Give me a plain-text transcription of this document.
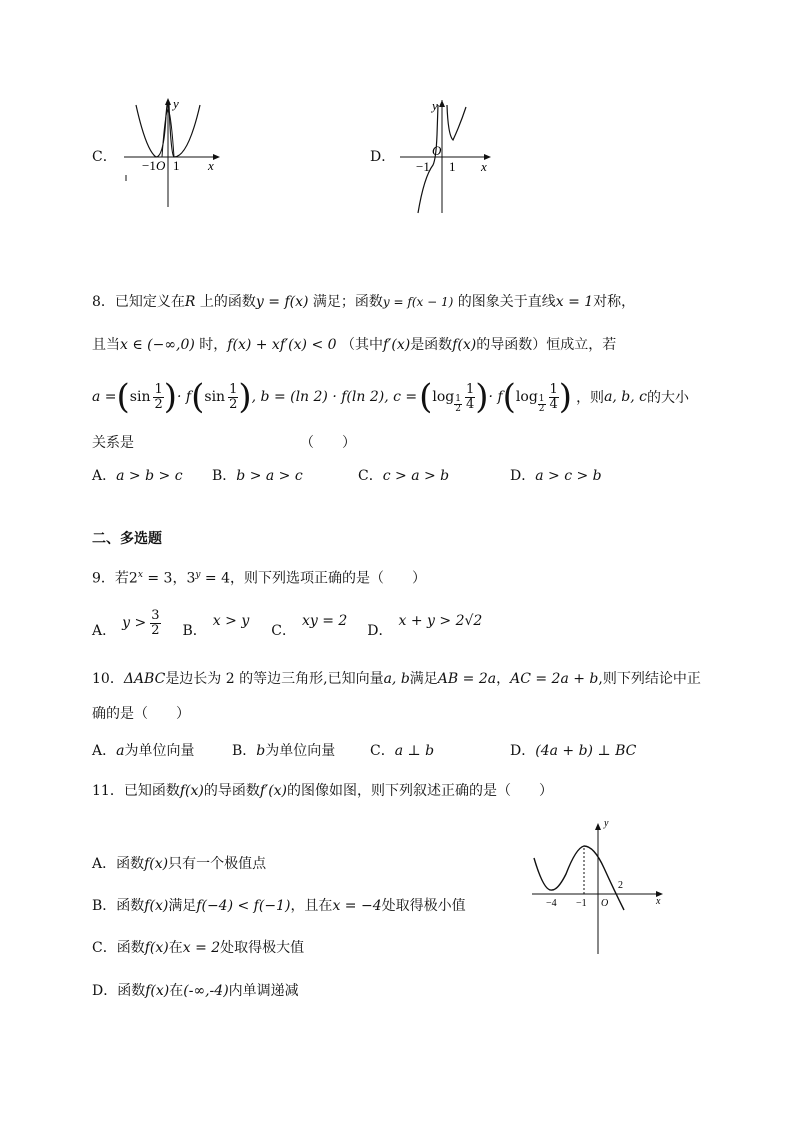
C．
y
x
−1 O 1
D．
y
x
−1
O
1
8．已知定义在R 上的函数y = f(x) 满足；函数y = f(x − 1) 的图象关于直线x = 1对称，
且当x ∈ (−∞,0) 时，f(x) + xf′(x) < 0 （其中f′(x)是函数f(x)的导函数）恒成立，若
a = ( $\sin \frac{1}{2}$ ) · f ( $\sin \frac{1}{2}$ ) , b = (ln 2) · f(ln 2), c = ( $\log \frac{1}{2} \frac{1}{4}$ ) · f ( $\log \frac{1}{2} \frac{1}{4}$ ) ，则 a, b, c 的大小
关系是	（　　）
A．a > b > c B．b > a > c	C．c > a > b	D．a > c > b
二、多选题
9．若$2^x = 3$，$3^y = 4$，则下列选项正确的是（　　）
A． $y > \frac{3}{2}$ B．x > y
C．xy = 2
D．x + y > 2√2
10．ΔABC是边长为 2 的等边三角形,已知向量a, b满足AB = 2a，AC = 2a + b,则下列结论中正
确的是（　　）
A．a为单位向量	B．b为单位向量 C．a ⊥ b	D．(4a + b) ⊥ BC
11．已知函数f(x)的导函数f′(x)的图像如图，则下列叙述正确的是（　　）
A．函数f(x)只有一个极值点
B．函数f(x)满足f(−4) < f(−1)，且在x = −4处取得极小值
C．函数f(x)在x = 2处取得极大值
D．函数f(x)在(-∞,-4)内单调递减
y
x
−4 −1 O
2
